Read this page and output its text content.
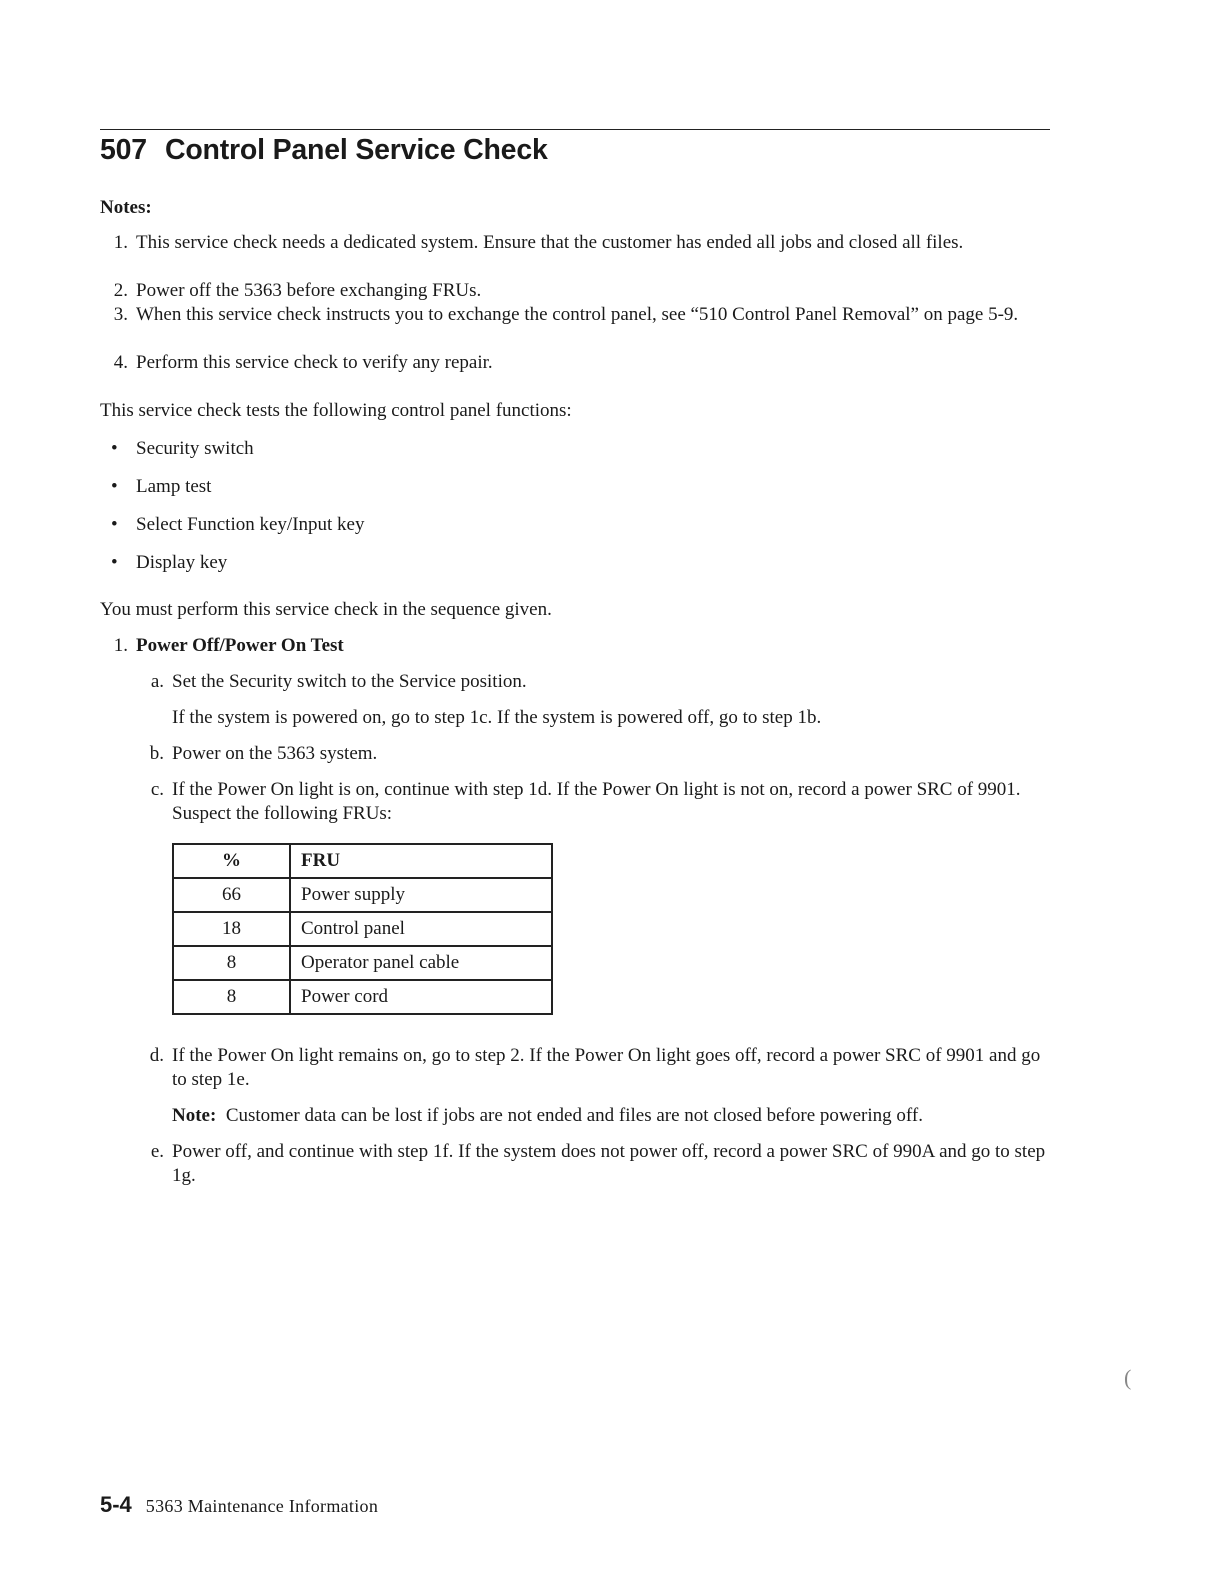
507 Control Panel Service Check
Notes:
1. This service check needs a dedicated system. Ensure that the customer has ended all jobs and closed all files.
2. Power off the 5363 before exchanging FRUs.
3. When this service check instructs you to exchange the control panel, see “510 Control Panel Removal” on page 5-9.
4. Perform this service check to verify any repair.
This service check tests the following control panel functions:
• Security switch
• Lamp test
• Select Function key/Input key
• Display key
You must perform this service check in the sequence given.
1. Power Off/Power On Test
a. Set the Security switch to the Service position.
If the system is powered on, go to step 1c. If the system is powered off, go to step 1b.
b. Power on the 5363 system.
c. If the Power On light is on, continue with step 1d. If the Power On light is not on, record a power SRC of 9901. Suspect the following FRUs:
%	FRU
66	Power supply
18	Control panel
8	Operator panel cable
8	Power cord
d. If the Power On light remains on, go to step 2. If the Power On light goes off, record a power SRC of 9901 and go to step 1e.
Note: Customer data can be lost if jobs are not ended and files are not closed before powering off.
e. Power off, and continue with step 1f. If the system does not power off, record a power SRC of 990A and go to step 1g.
(
5-4 5363 Maintenance Information
